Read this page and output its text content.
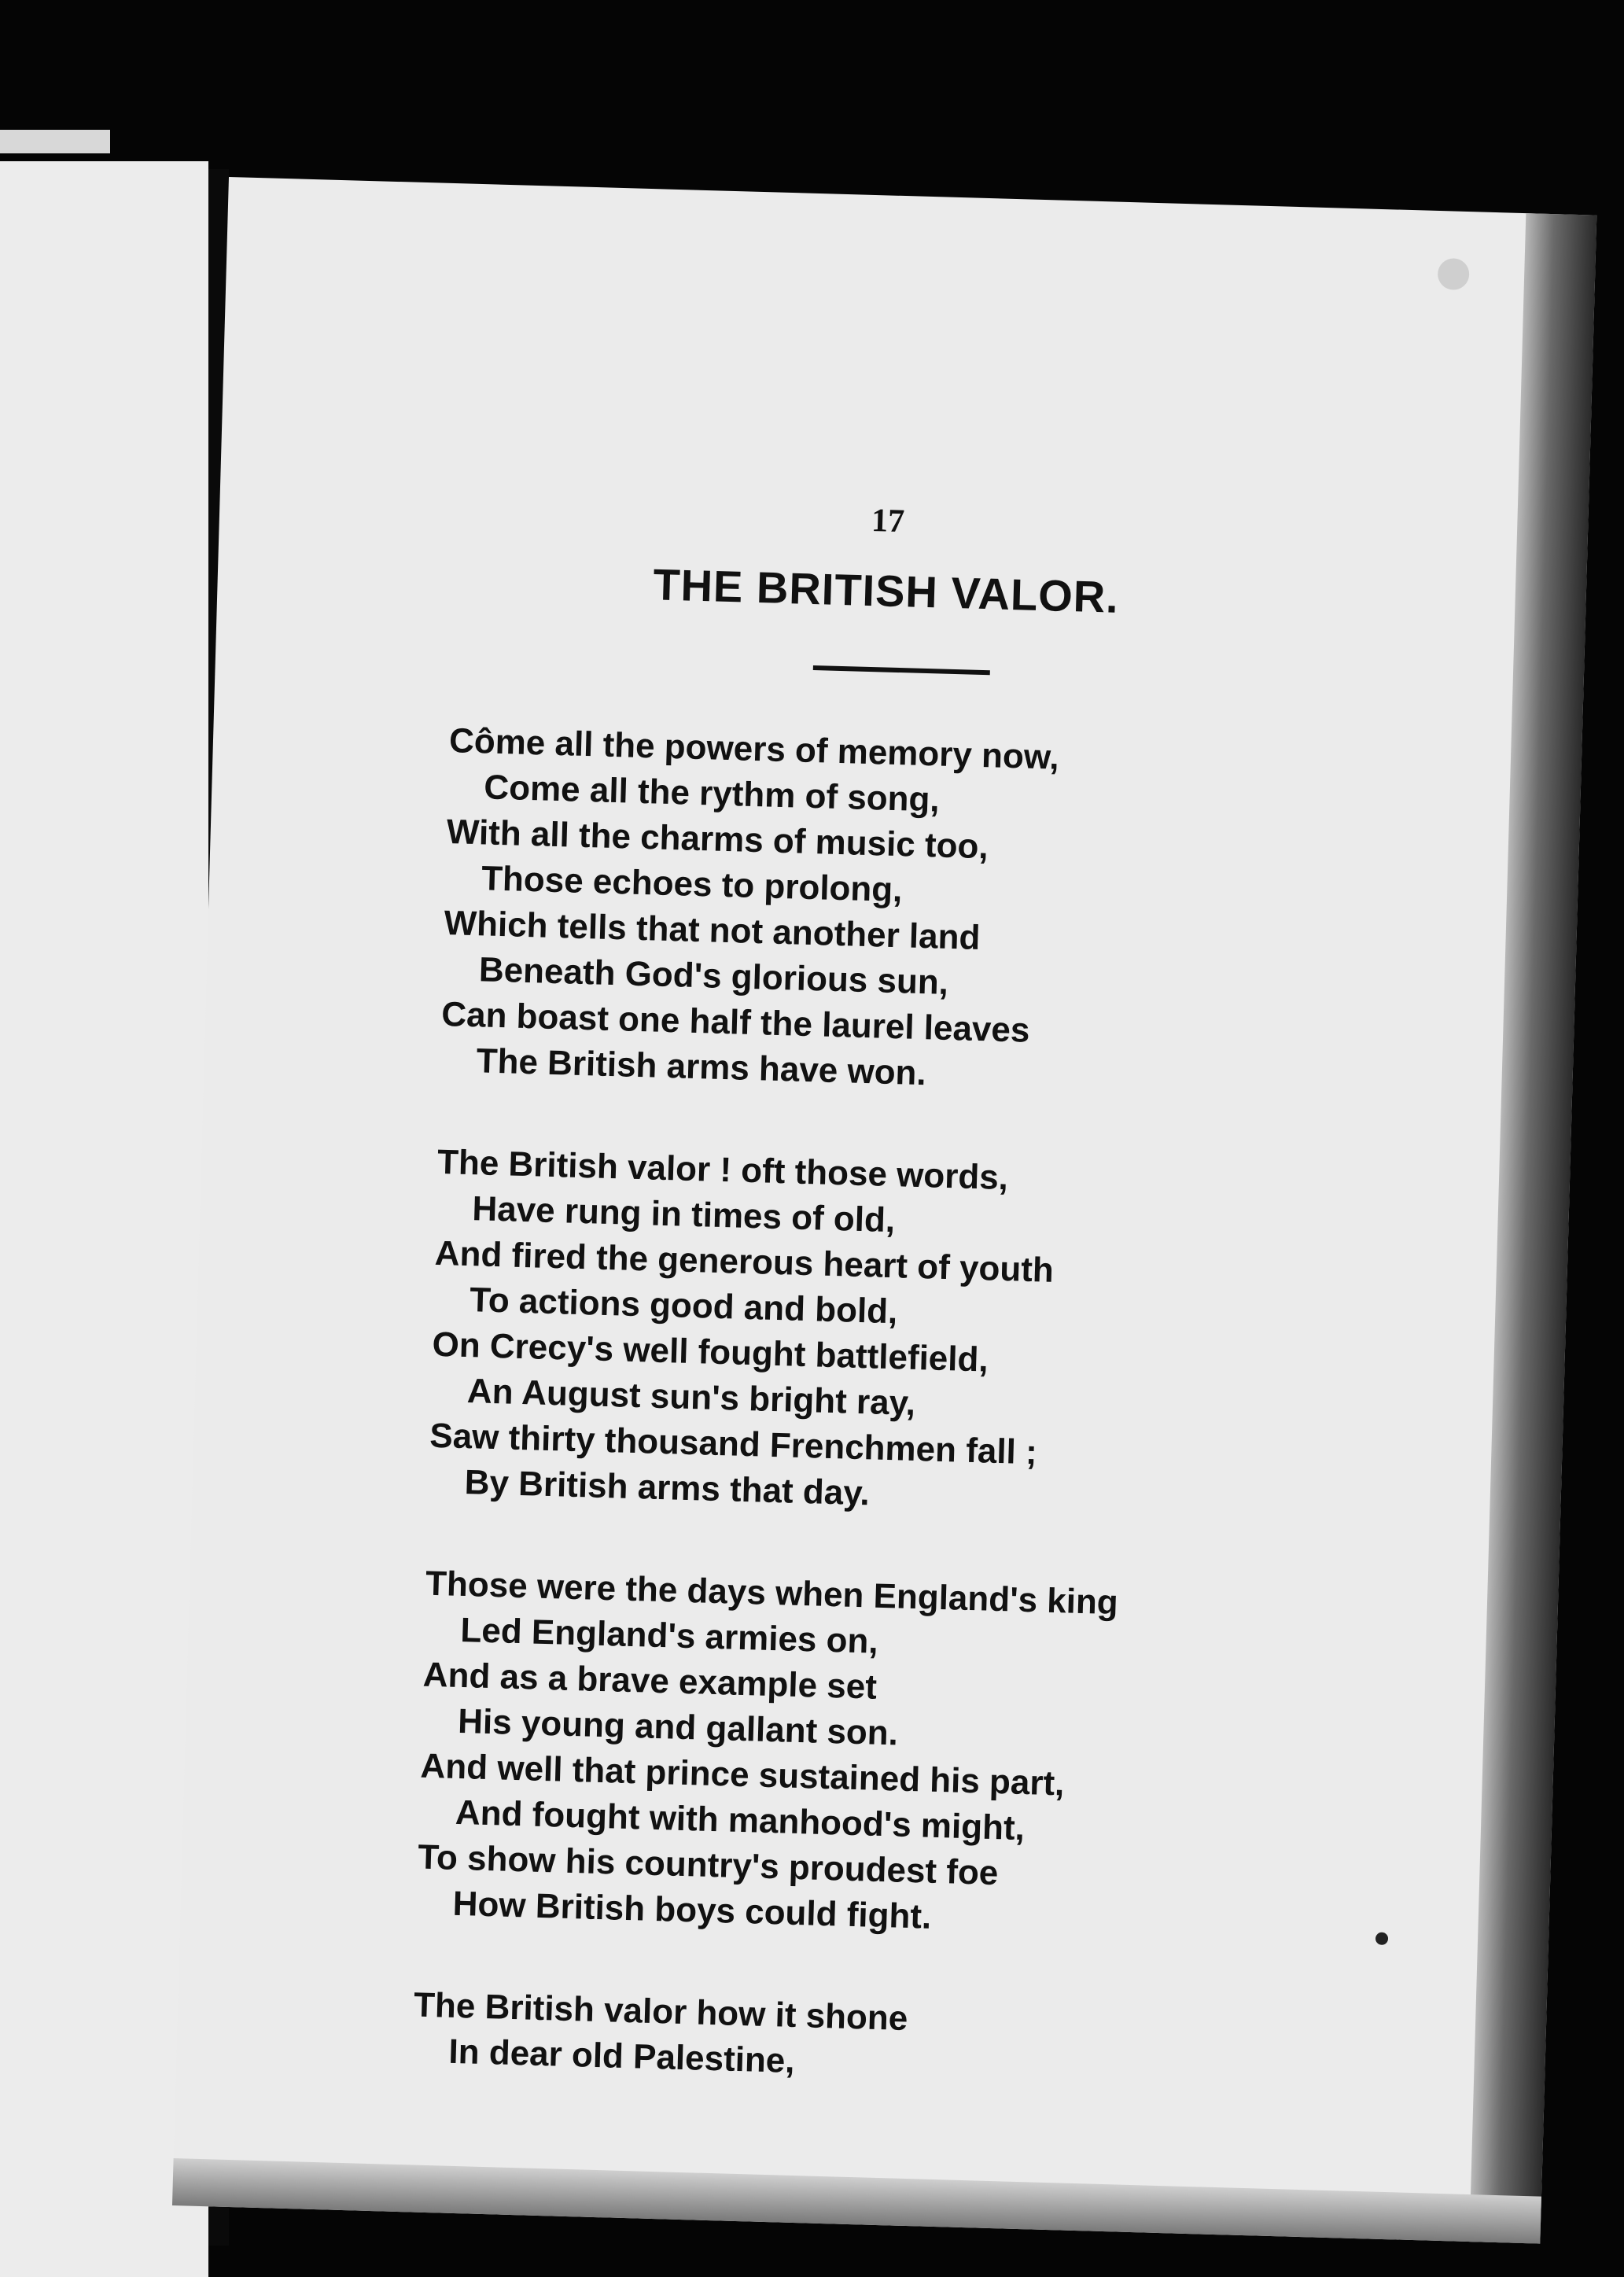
17
THE BRITISH VALOR.
Côme all the powers of memory now,
Come all the rythm of song,
With all the charms of music too,
Those echoes to prolong,
Which tells that not another land
Beneath God's glorious sun,
Can boast one half the laurel leaves
The British arms have won.
The British valor ! oft those words,
Have rung in times of old,
And fired the generous heart of youth
To actions good and bold,
On Crecy's well fought battlefield,
An August sun's bright ray,
Saw thirty thousand Frenchmen fall ;
By British arms that day.
Those were the days when England's king
Led England's armies on,
And as a brave example set
His young and gallant son.
And well that prince sustained his part,
And fought with manhood's might,
To show his country's proudest foe
How British boys could fight.
The British valor how it shone
In dear old Palestine,
